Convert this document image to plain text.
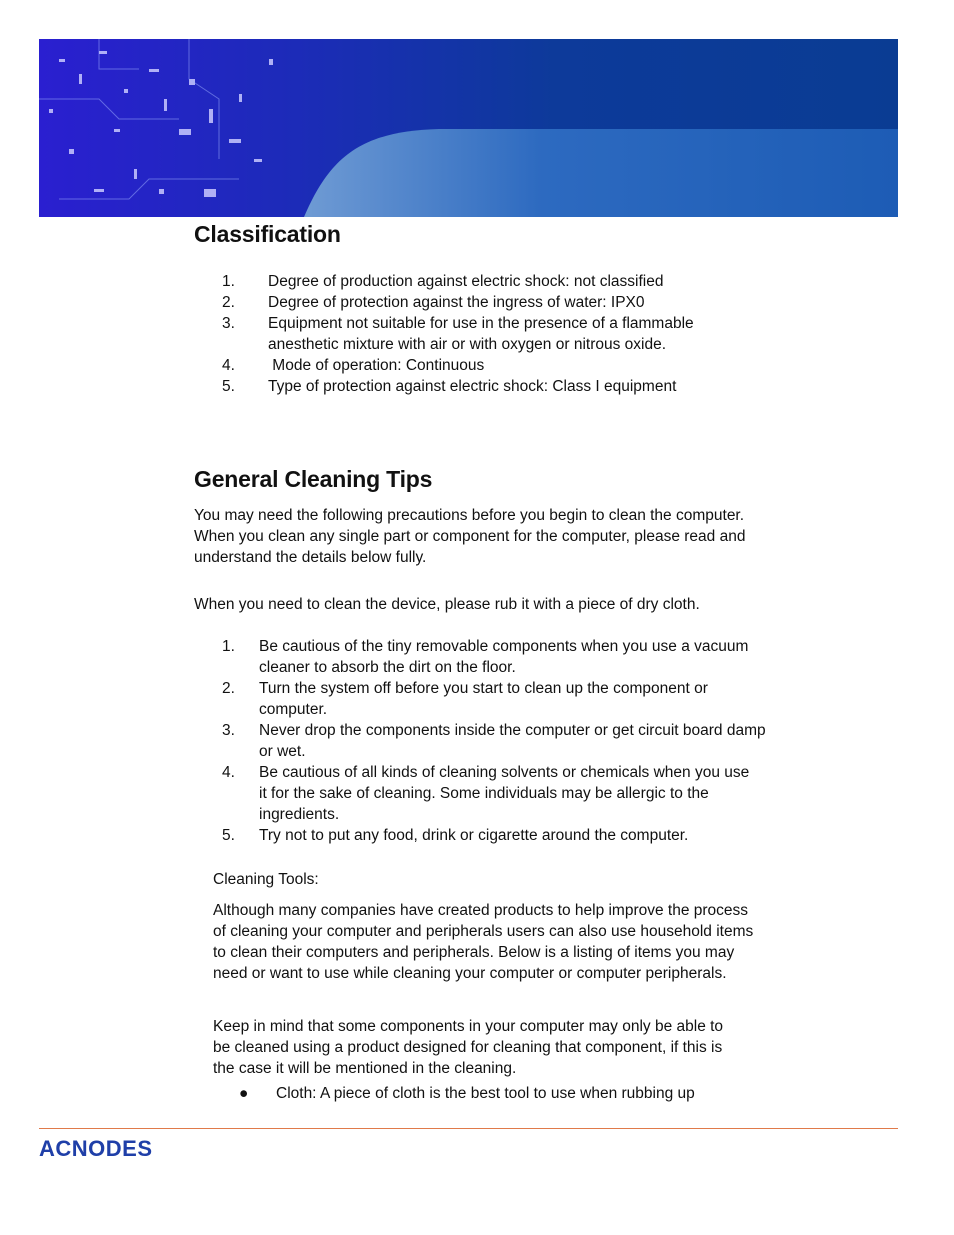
Classification
1. Degree of production against electric shock: not classified
2. Degree of protection against the ingress of water: IPX0
3. Equipment not suitable for use in the presence of a flammable anesthetic mixture with air or with oxygen or nitrous oxide.
4. Mode of operation: Continuous
5. Type of protection against electric shock: Class I equipment
General Cleaning Tips

You may need the following precautions before you begin to clean the computer. When you clean any single part or component for the computer, please read and understand the details below fully.

When you need to clean the device, please rub it with a piece of dry cloth.

1. Be cautious of the tiny removable components when you use a vacuum cleaner to absorb the dirt on the floor.
2. Turn the system off before you start to clean up the component or computer.
3. Never drop the components inside the computer or get circuit board damp or wet.
4. Be cautious of all kinds of cleaning solvents or chemicals when you use it for the sake of cleaning. Some individuals may be allergic to the ingredients.
5. Try not to put any food, drink or cigarette around the computer.

Cleaning Tools:

Although many companies have created products to help improve the process of cleaning your computer and peripherals users can also use household items to clean their computers and peripherals. Below is a listing of items you may need or want to use while cleaning your computer or computer peripherals.

Keep in mind that some components in your computer may only be able to be cleaned using a product designed for cleaning that component, if this is the case it will be mentioned in the cleaning.

● Cloth: A piece of cloth is the best tool to use when rubbing up
ACNODES
